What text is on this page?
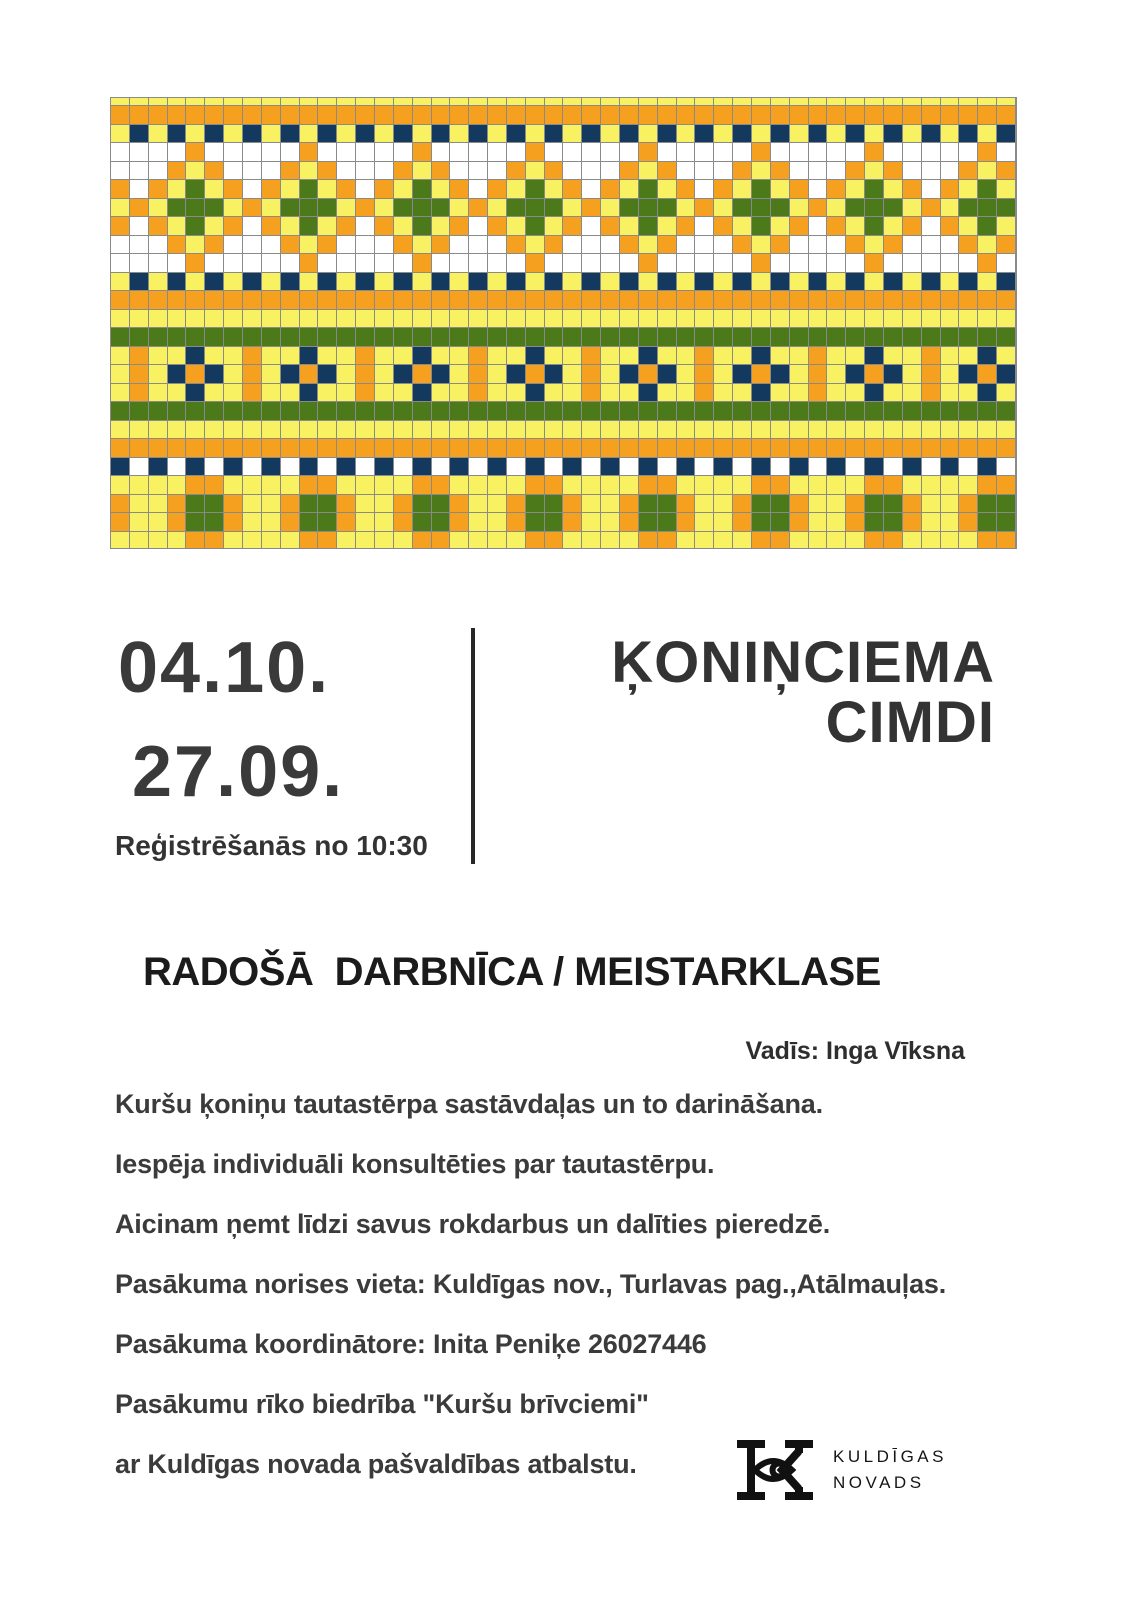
04.10.
27.09.
Reģistrēšanās no 10:30
ĶONIŅCIEMA
CIMDI
RADOŠĀ  DARBNĪCA / MEISTARKLASE
Vadīs: Inga Vīksna
Kuršu ķoniņu tautastērpa sastāvdaļas un to darināšana.
Iespēja individuāli konsultēties par tautastērpu.
Aicinam ņemt līdzi savus rokdarbus un dalīties pieredzē.
Pasākuma norises vieta: Kuldīgas nov., Turlavas pag.,Atālmauļas.
Pasākuma koordinātore: Inita Peniķe 26027446
Pasākumu rīko biedrība "Kuršu brīvciemi"
ar Kuldīgas novada pašvaldības atbalstu.	KULDĪGAS
NOVADS
